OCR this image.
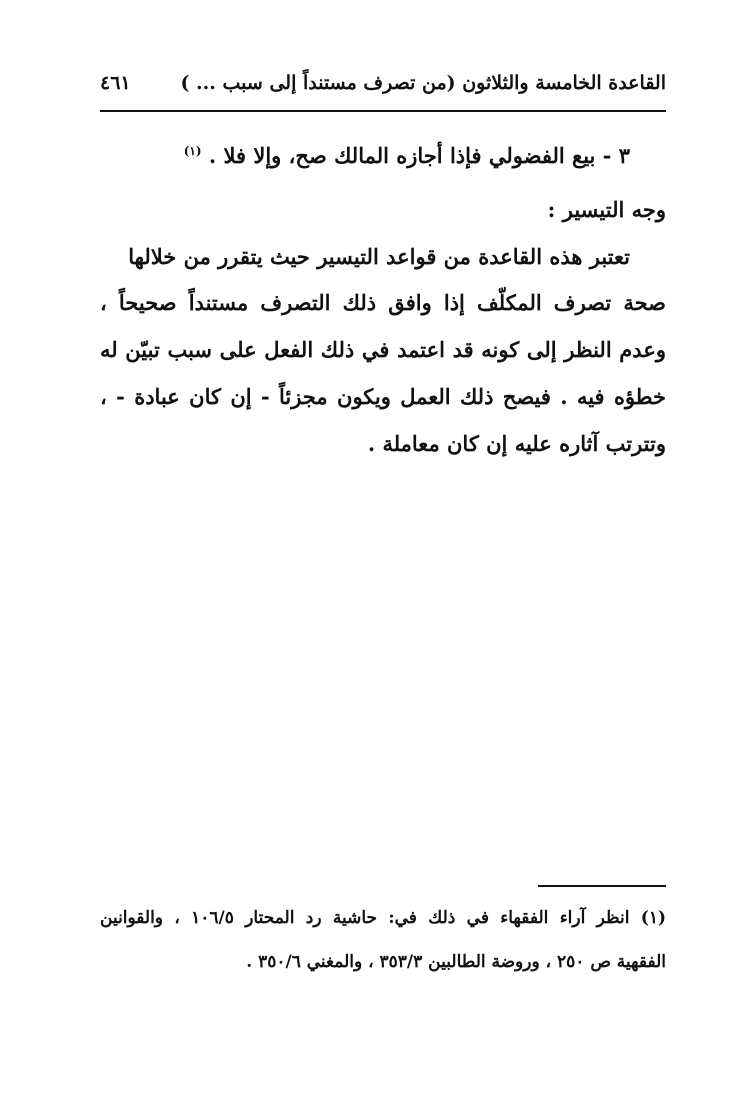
القاعدة الخامسة والثلاثون (من تصرف مستنداً إلى سبب ... )
٤٦١
٣ - بيع الفضولي فإذا أجازه المالك صح، وإلا فلا . $^{(١)}$
وجه التيسير :
تعتبر هذه القاعدة من قواعد التيسير حيث يتقرر من خلالها
صحة تصرف المكلّف إذا وافق ذلك التصرف مستنداً صحيحاً ،
وعدم النظر إلى كونه قد اعتمد في ذلك الفعل على سبب تبيّن له
خطؤه فيه . فيصح ذلك العمل ويكون مجزئاً - إن كان عبادة - ،
وتترتب آثاره عليه إن كان معاملة .
(١) انظر آراء الفقهاء في ذلك في: حاشية رد المحتار ١٠٦/٥ ، والقوانين
الفقهية ص ٢٥٠ ، وروضة الطالبين ٣٥٣/٣ ، والمغني ٣٥٠/٦ .
